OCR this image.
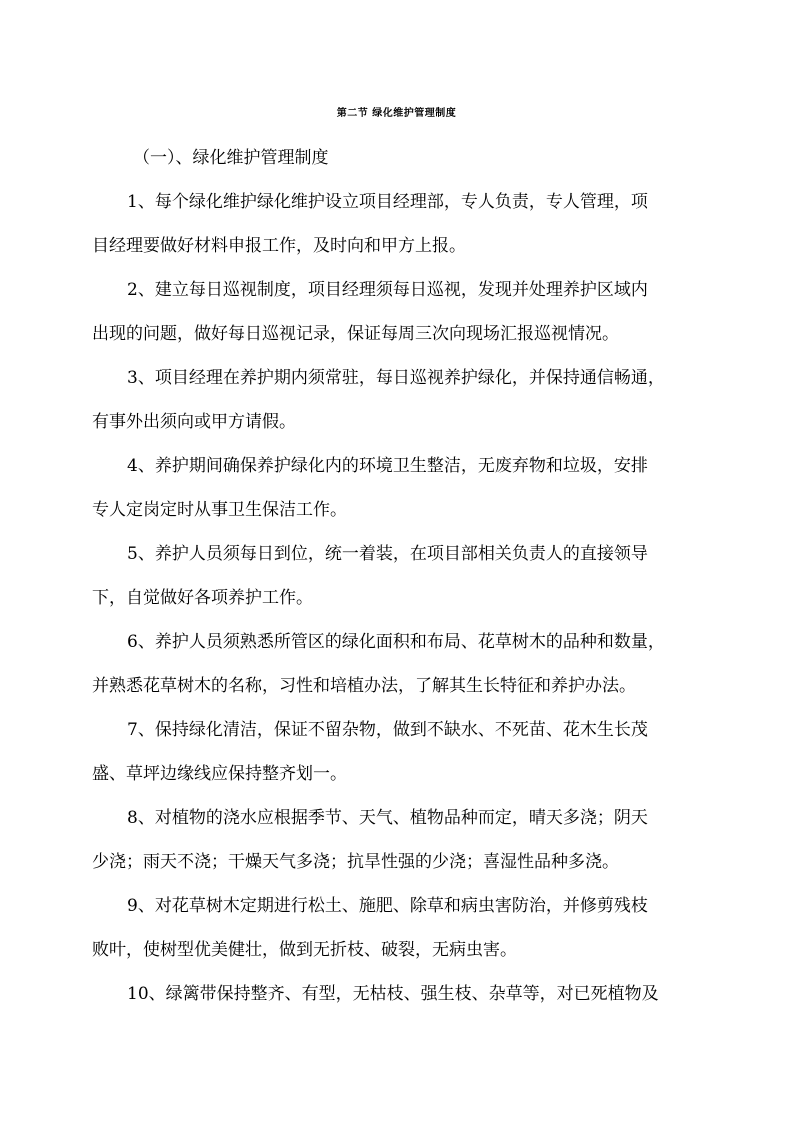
第二节 绿化维护管理制度
（一）、绿化维护管理制度
1、每个绿化维护绿化维护设立项目经理部，专人负责，专人管理，项
目经理要做好材料申报工作，及时向和甲方上报。
2、建立每日巡视制度，项目经理须每日巡视，发现并处理养护区域内
出现的问题，做好每日巡视记录，保证每周三次向现场汇报巡视情况。
3、项目经理在养护期内须常驻，每日巡视养护绿化，并保持通信畅通，
有事外出须向或甲方请假。
4、养护期间确保养护绿化内的环境卫生整洁，无废弃物和垃圾，安排
专人定岗定时从事卫生保洁工作。
5、养护人员须每日到位，统一着装，在项目部相关负责人的直接领导
下，自觉做好各项养护工作。
6、养护人员须熟悉所管区的绿化面积和布局、花草树木的品种和数量，
并熟悉花草树木的名称，习性和培植办法，了解其生长特征和养护办法。
7、保持绿化清洁，保证不留杂物，做到不缺水、不死苗、花木生长茂
盛、草坪边缘线应保持整齐划一。
8、对植物的浇水应根据季节、天气、植物品种而定，晴天多浇；阴天
少浇；雨天不浇；干燥天气多浇；抗旱性强的少浇；喜湿性品种多浇。
9、对花草树木定期进行松土、施肥、除草和病虫害防治，并修剪残枝
败叶，使树型优美健壮，做到无折枝、破裂，无病虫害。
10、绿篱带保持整齐、有型，无枯枝、强生枝、杂草等，对已死植物及
